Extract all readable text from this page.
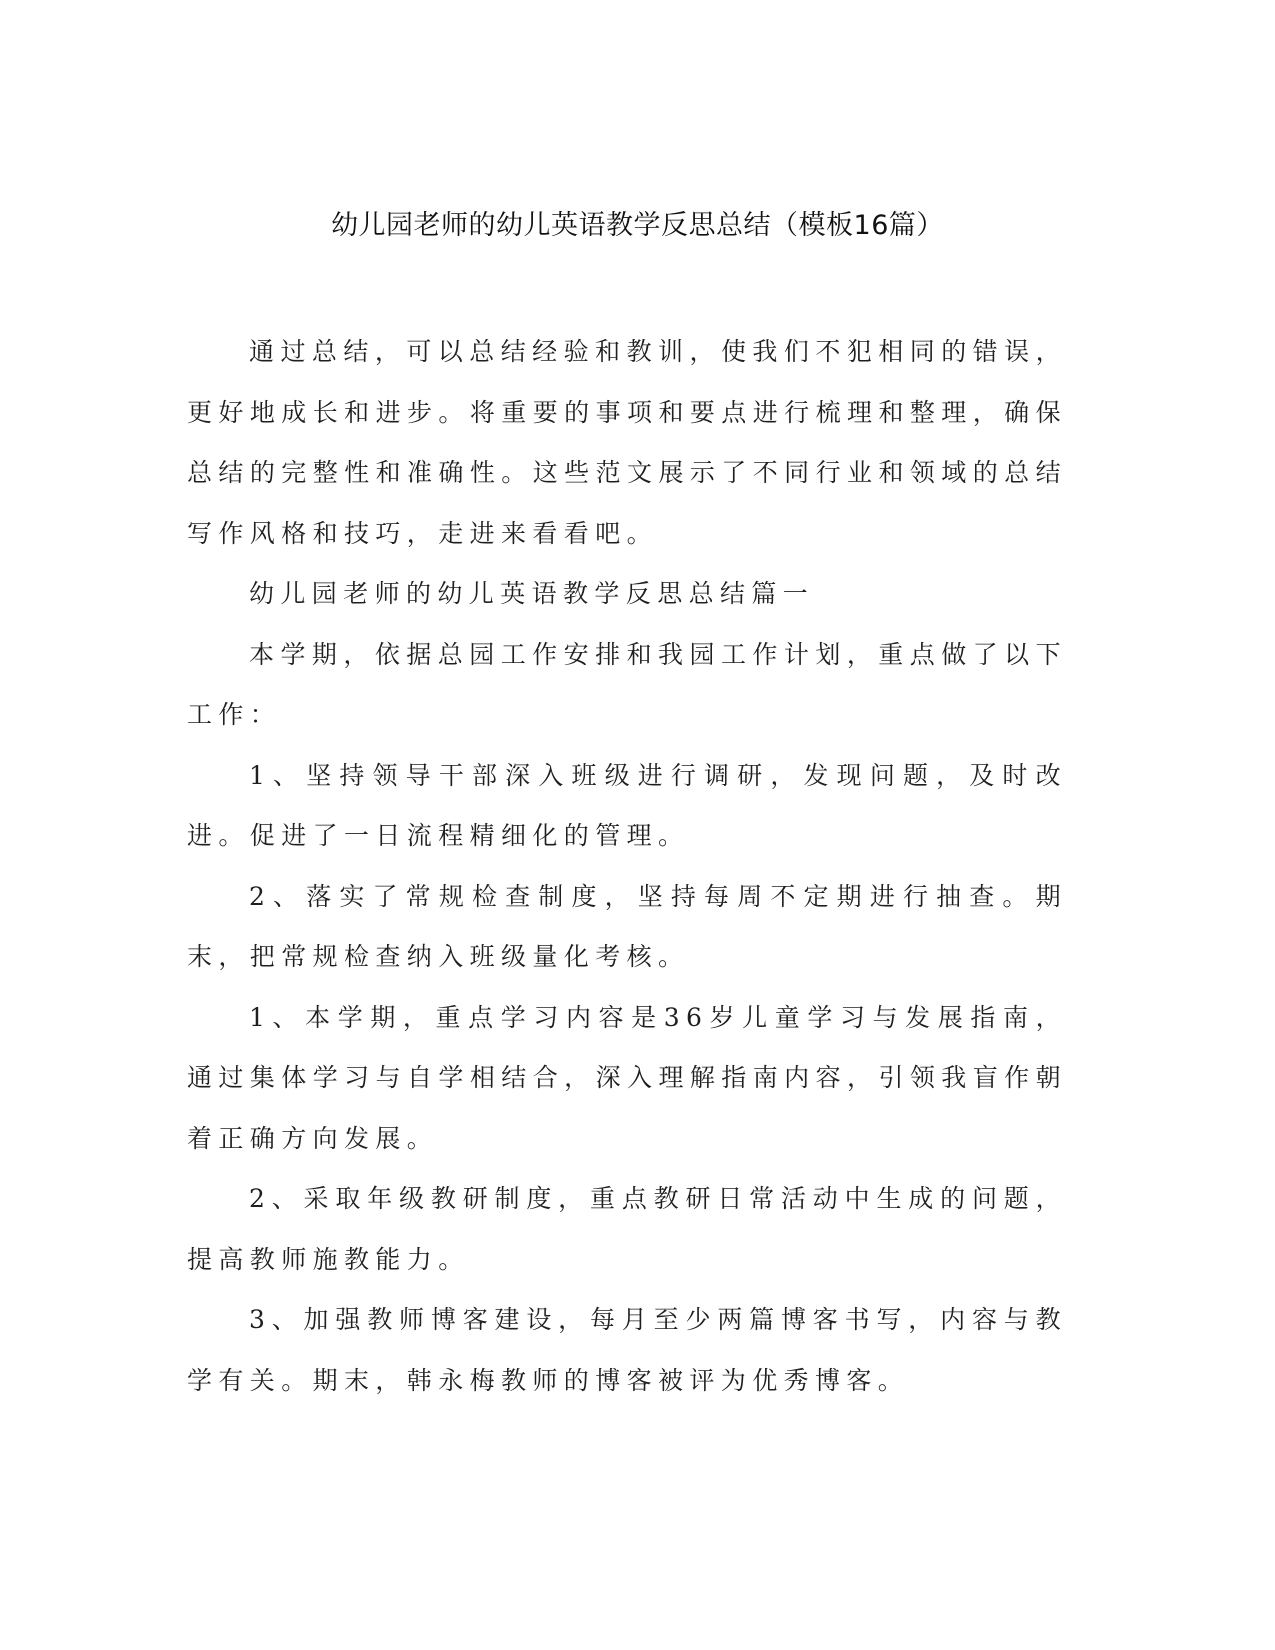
幼儿园老师的幼儿英语教学反思总结（模板16篇）

通过总结，可以总结经验和教训，使我们不犯相同的错误，更好地成长和进步。将重要的事项和要点进行梳理和整理，确保总结的完整性和准确性。这些范文展示了不同行业和领域的总结写作风格和技巧，走进来看看吧。

幼儿园老师的幼儿英语教学反思总结篇一

本学期，依据总园工作安排和我园工作计划，重点做了以下工作：

1、坚持领导干部深入班级进行调研，发现问题，及时改进。促进了一日流程精细化的管理。

2、落实了常规检查制度，坚持每周不定期进行抽查。期末，把常规检查纳入班级量化考核。

1、本学期，重点学习内容是36岁儿童学习与发展指南，通过集体学习与自学相结合，深入理解指南内容，引领我盲作朝着正确方向发展。

2、采取年级教研制度，重点教研日常活动中生成的问题，提高教师施教能力。

3、加强教师博客建设，每月至少两篇博客书写，内容与教学有关。期末，韩永梅教师的博客被评为优秀博客。
